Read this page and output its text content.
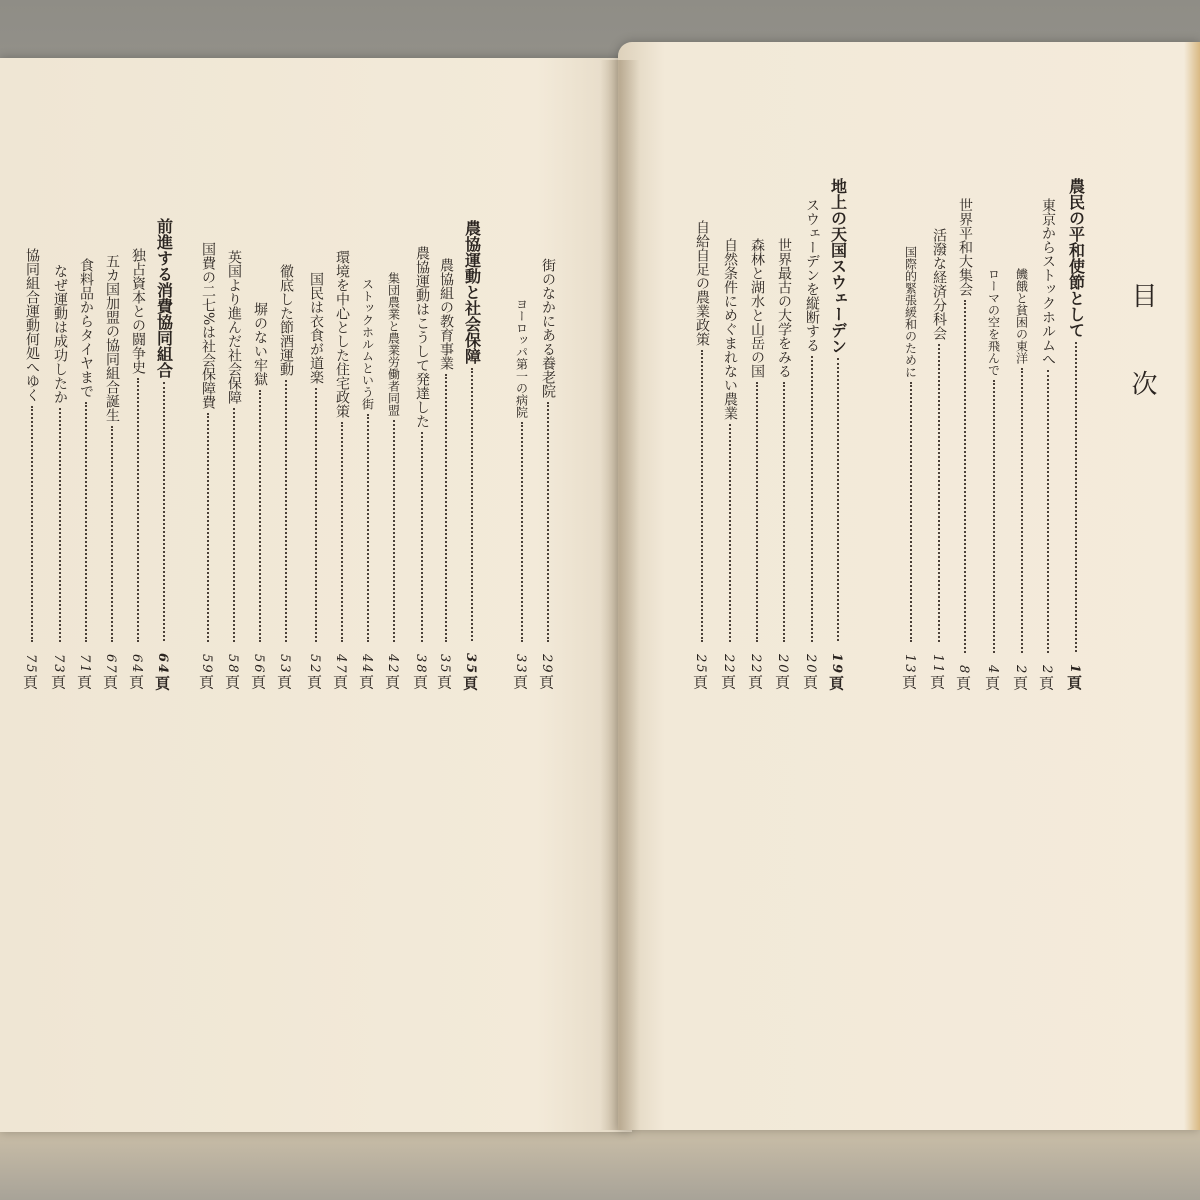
目次
農民の平和使節として
1頁
東京からストックホルムへ
2頁
饑餓と貧困の東洋
2頁
ローマの空を飛んで
4頁
世界平和大集会
8頁
活潑な経済分科会
11頁
国際的緊張緩和のために
13頁
地上の天国スウェーデン
19頁
スウェーデンを縦断する
20頁
世界最古の大学をみる
20頁
森林と湖水と山岳の国
22頁
自然条件にめぐまれない農業
22頁
自給自足の農業政策
25頁
街のなかにある養老院
29頁
ヨーロッパ第一の病院
33頁
農協運動と社会保障
35頁
農協組の教育事業
35頁
農協運動はこうして発達した
38頁
集団農業と農業労働者同盟
42頁
ストックホルムという街
44頁
環境を中心とした住宅政策
47頁
国民は衣食が道楽
52頁
徹底した節酒運動
53頁
塀のない牢獄
56頁
英国より進んだ社会保障
58頁
国費の二七%は社会保障費
59頁
前進する消費協同組合
64頁
独占資本との闘争史
64頁
五カ国加盟の協同組合誕生
67頁
食料品からタイヤまで
71頁
なぜ運動は成功したか
73頁
協同組合運動何処へゆく
75頁
